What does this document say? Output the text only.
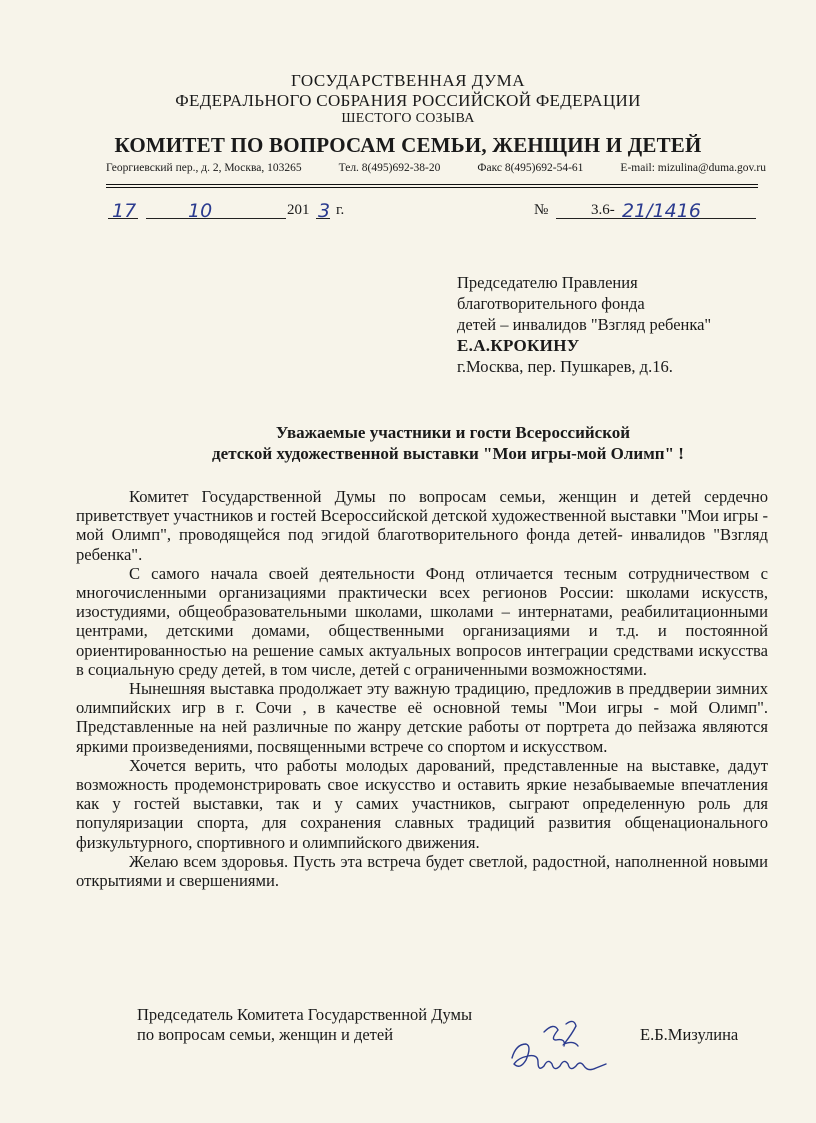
ГОСУДАРСТВЕННАЯ ДУМА
ФЕДЕРАЛЬНОГО СОБРАНИЯ РОССИЙСКОЙ ФЕДЕРАЦИИ
ШЕСТОГО СОЗЫВА
КОМИТЕТ ПО ВОПРОСАМ СЕМЬИ, ЖЕНЩИН И ДЕТЕЙ
Георгиевский пер., д. 2, Москва, 103265	Тел. 8(495)692-38-20	Факс 8(495)692-54-61	E-mail: mizulina@duma.gov.ru
17	10	201 3 г.	№	3.6- 21/1416
Председателю Правления
благотворительного фонда
детей – инвалидов "Взгляд ребенка"
Е.А.КРОКИНУ
г.Москва, пер. Пушкарев, д.16.
Уважаемые участники и гости Всероссийской
детской художественной выставки "Мои игры-мой Олимп" !

Комитет Государственной Думы по вопросам семьи, женщин и детей сердечно приветствует участников и гостей Всероссийской детской художественной выставки "Мои игры - мой Олимп", проводящейся под эгидой благотворительного фонда детей- инвалидов "Взгляд ребенка".

С самого начала своей деятельности Фонд отличается тесным сотрудничеством с многочисленными организациями практически всех регионов России: школами искусств, изостудиями, общеобразовательными школами, школами – интернатами, реабилитационными центрами, детскими домами, общественными организациями и т.д. и постоянной ориентированностью на решение самых актуальных вопросов интеграции средствами искусства в социальную среду детей, в том числе, детей с ограниченными возможностями.

Нынешняя выставка продолжает эту важную традицию, предложив в преддверии зимних олимпийских игр в г. Сочи , в качестве её основной темы "Мои игры - мой Олимп". Представленные на ней различные по жанру детские работы от портрета до пейзажа являются яркими произведениями, посвященными встрече со спортом и искусством.

Хочется верить, что работы молодых дарований, представленные на выставке, дадут возможность продемонстрировать свое искусство и оставить яркие незабываемые впечатления как у гостей выставки, так и у самих участников, сыграют определенную роль для популяризации спорта, для сохранения славных традиций развития общенационального физкультурного, спортивного и олимпийского движения.

Желаю всем здоровья. Пусть эта встреча будет светлой, радостной, наполненной новыми открытиями и свершениями.

Председатель Комитета Государственной Думы
по вопросам семьи, женщин и детей	Е.Б.Мизулина
